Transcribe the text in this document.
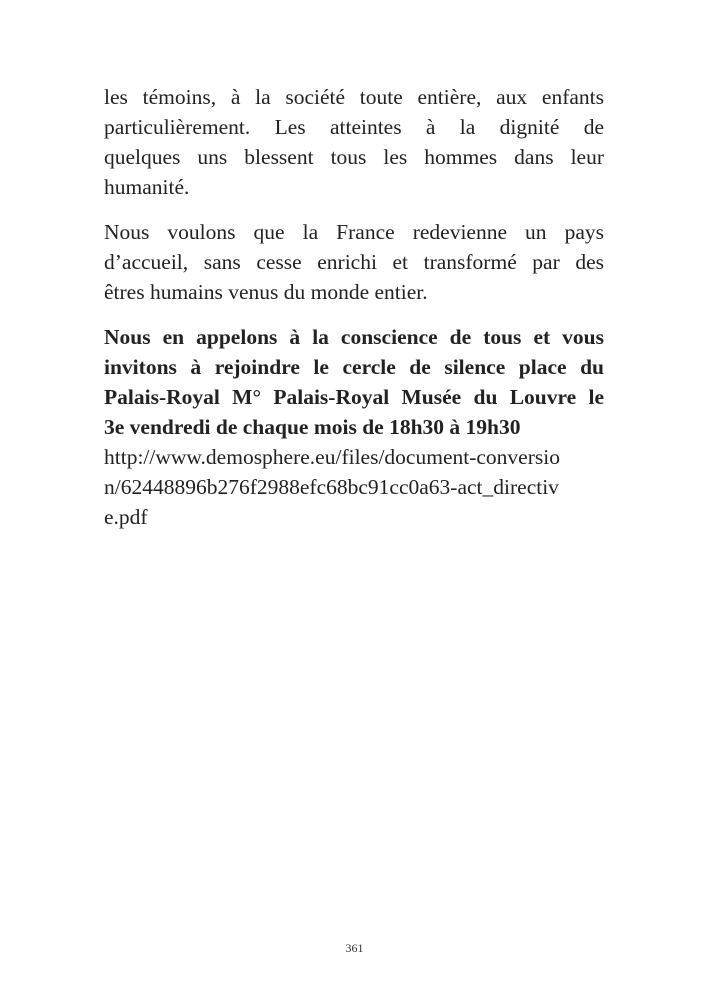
les témoins, à la société toute entière, aux enfants
particulièrement. Les atteintes à la dignité de
quelques uns blessent tous les hommes dans leur
humanité.

Nous voulons que la France redevienne un pays
d’accueil, sans cesse enrichi et transformé par des
êtres humains venus du monde entier.

Nous en appelons à la conscience de tous et vous
invitons à rejoindre le cercle de silence place du
Palais-Royal M° Palais-Royal Musée du Louvre le
3e vendredi de chaque mois de 18h30 à 19h30

http://www.demosphere.eu/files/document-conversio
n/62448896b276f2988efc68bc91cc0a63-act_directiv
e.pdf

361
